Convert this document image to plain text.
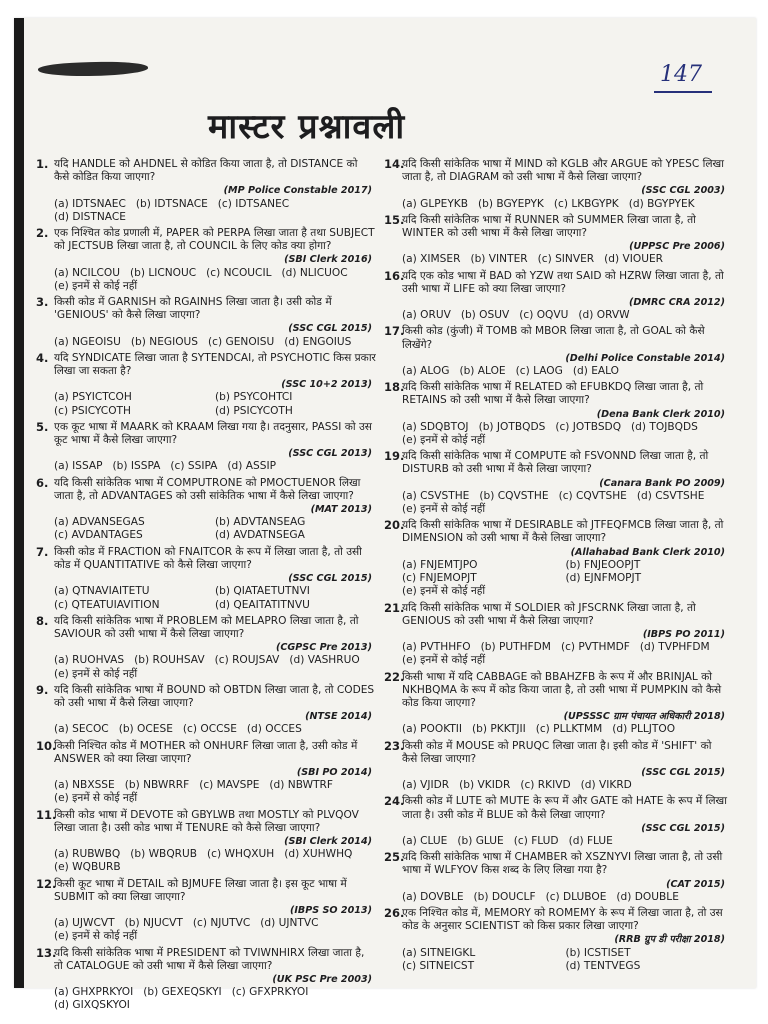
147
मास्टर प्रश्नावली
1. यदि HANDLE को AHDNEL से कोडित किया जाता है, तो DISTANCE को कैसे कोडित किया जाएगा?
(MP Police Constable 2017)
(a) IDTSNAEC (b) IDTSNACE (c) IDTSANEC
(d) DISTNACE
2. एक निश्चित कोड प्रणाली में, PAPER को PERPA लिखा जाता है तथा SUBJECT को JECTSUB लिखा जाता है, तो COUNCIL के लिए कोड क्या होगा?
(SBI Clerk 2016)
(a) NCILCOU (b) LICNOUC (c) NCOUCIL (d) NLICUOC
(e) इनमें से कोई नहीं
3. किसी कोड में GARNISH को RGAINHS लिखा जाता है। उसी कोड में 'GENIOUS' को कैसे लिखा जाएगा?
(SSC CGL 2015)
(a) NGEOISU (b) NEGIOUS (c) GENOISU (d) ENGOIUS
4. यदि SYNDICATE लिखा जाता है SYTENDCAI, तो PSYCHOTIC किस प्रकार लिखा जा सकता है?
(SSC 10+2 2013)
(a) PSYICTCOH	(b) PSYCOHTCI
(c) PSICYCOTH	(d) PSICYCOTH
5. एक कूट भाषा में MAARK को KRAAM लिखा गया है। तदनुसार, PASSI को उस कूट भाषा में कैसे लिखा जाएगा?
(SSC CGL 2013)
(a) ISSAP (b) ISSPA (c) SSIPA (d) ASSIP
6. यदि किसी सांकेतिक भाषा में COMPUTRONE को PMOCTUENOR लिखा जाता है, तो ADVANTAGES को उसी सांकेतिक भाषा में कैसे लिखा जाएगा?
(MAT 2013)
(a) ADVANSEGAS	(b) ADVTANSEAG
(c) AVDANTAGES	(d) AVDATNSEGA
7. किसी कोड में FRACTION को FNAITCOR के रूप में लिखा जाता है, तो उसी कोड में QUANTITATIVE को कैसे लिखा जाएगा?
(SSC CGL 2015)
(a) QTNAVIAITETU	(b) QIATAETUTNVI
(c) QTEATUIAVITION	(d) QEAITATITNVU
8. यदि किसी सांकेतिक भाषा में PROBLEM को MELAPRO लिखा जाता है, तो SAVIOUR को उसी भाषा में कैसे लिखा जाएगा?
(CGPSC Pre 2013)
(a) RUOHVAS (b) ROUHSAV (c) ROUJSAV (d) VASHRUO
(e) इनमें से कोई नहीं
9. यदि किसी सांकेतिक भाषा में BOUND को OBTDN लिखा जाता है, तो CODES को उसी भाषा में कैसे लिखा जाएगा?
(NTSE 2014)
(a) SECOC (b) OCESE (c) OCCSE (d) OCCES
10.
किसी निश्चित कोड में MOTHER को ONHURF लिखा जाता है, उसी कोड में ANSWER को क्या लिखा जाएगा?
(SBI PO 2014)
(a) NBXSSE (b) NBWRRF (c) MAVSPE (d) NBWTRF
(e) इनमें से कोई नहीं
11.
किसी कोड भाषा में DEVOTE को GBYLWB तथा MOSTLY को PLVQOV लिखा जाता है। उसी कोड भाषा में TENURE को कैसे लिखा जाएगा?
(SBI Clerk 2014)
(a) RUBWBQ (b) WBQRUB (c) WHQXUH (d) XUHWHQ
(e) WQBURB
12.
किसी कूट भाषा में DETAIL को BJMUFE लिखा जाता है। इस कूट भाषा में SUBMIT को क्या लिखा जाएगा?
(IBPS SO 2013)
(a) UJWCVT (b) NJUCVT (c) NJUTVC (d) UJNTVC
(e) इनमें से कोई नहीं
13.
यदि किसी सांकेतिक भाषा में PRESIDENT को TVIWNHIRX लिखा जाता है, तो CATALOGUE को उसी भाषा में कैसे लिखा जाएगा?
(UK PSC Pre 2003)
(a) GHXPRKYOI (b) GEXEQSKYI (c) GFXPRKYOI
(d) GIXQSKYOI
14.
यदि किसी सांकेतिक भाषा में MIND को KGLB और ARGUE को YPESC लिखा जाता है, तो DIAGRAM को उसी भाषा में कैसे लिखा जाएगा?
(SSC CGL 2003)
(a) GLPEYKB (b) BGYEPYK (c) LKBGYPK (d) BGYPYEK
15.
यदि किसी सांकेतिक भाषा में RUNNER को SUMMER लिखा जाता है, तो WINTER को उसी भाषा में कैसे लिखा जाएगा?
(UPPSC Pre 2006)
(a) XIMSER (b) VINTER (c) SINVER (d) VIOUER
16.
यदि एक कोड भाषा में BAD को YZW तथा SAID को HZRW लिखा जाता है, तो उसी भाषा में LIFE को क्या लिखा जाएगा?
(DMRC CRA 2012)
(a) ORUV (b) OSUV (c) OQVU (d) ORVW
17.
किसी कोड (कुंजी) में TOMB को MBOR लिखा जाता है, तो GOAL को कैसे लिखेंगे?
(Delhi Police Constable 2014)
(a) ALOG (b) ALOE (c) LAOG (d) EALO
18.
यदि किसी सांकेतिक भाषा में RELATED को EFUBKDQ लिखा जाता है, तो RETAINS को उसी भाषा में कैसे लिखा जाएगा?
(Dena Bank Clerk 2010)
(a) SDQBTOJ (b) JOTBQDS (c) JOTBSDQ (d) TOJBQDS
(e) इनमें से कोई नहीं
19.
यदि किसी सांकेतिक भाषा में COMPUTE को FSVONND लिखा जाता है, तो DISTURB को उसी भाषा में कैसे लिखा जाएगा?
(Canara Bank PO 2009)
(a) CSVSTHE (b) CQVSTHE (c) CQVTSHE (d) CSVTSHE
(e) इनमें से कोई नहीं
20.
यदि किसी सांकेतिक भाषा में DESIRABLE को JTFEQFMCB लिखा जाता है, तो DIMENSION को उसी भाषा में कैसे लिखा जाएगा?
(Allahabad Bank Clerk 2010)
(a) FNJEMTJPO	(b) FNJEOOPJT
(c) FNJEMOPJT	(d) EJNFMOPJT
(e) इनमें से कोई नहीं
21.
यदि किसी सांकेतिक भाषा में SOLDIER को JFSCRNK लिखा जाता है, तो GENIOUS को उसी भाषा में कैसे लिखा जाएगा?
(IBPS PO 2011)
(a) PVTHHFO (b) PUTHFDM (c) PVTHMDF (d) TVPHFDM
(e) इनमें से कोई नहीं
22.
किसी भाषा में यदि CABBAGE को BBAHZFB के रूप में और BRINJAL को NKHBQMA के रूप में कोड किया जाता है, तो उसी भाषा में PUMPKIN को कैसे कोड किया जाएगा?
(UPSSSC ग्राम पंचायत अधिकारी 2018)
(a) POOKTII (b) PKKTJII (c) PLLKTMM (d) PLLJTOO
23.
किसी कोड में MOUSE को PRUQC लिखा जाता है। इसी कोड में 'SHIFT' को कैसे लिखा जाएगा?
(SSC CGL 2015)
(a) VJIDR (b) VKIDR (c) RKIVD (d) VIKRD
24.
किसी कोड में LUTE को MUTE के रूप में और GATE को HATE के रूप में लिखा जाता है। उसी कोड में BLUE को कैसे लिखा जाएगा?
(SSC CGL 2015)
(a) CLUE (b) GLUE (c) FLUD (d) FLUE
25.
यदि किसी सांकेतिक भाषा में CHAMBER को XSZNYVI लिखा जाता है, तो उसी भाषा में WLFYOV किस शब्द के लिए लिखा गया है?
(CAT 2015)
(a) DOVBLE (b) DOUCLF (c) DLUBOE (d) DOUBLE
26.
एक निश्चित कोड में, MEMORY को ROMEMY के रूप में लिखा जाता है, तो उस कोड के अनुसार SCIENTIST को किस प्रकार लिखा जाएगा?
(RRB ग्रुप डी परीक्षा 2018)
(a) SITNEIGKL	(b) ICSTISET
(c) SITNEICST	(d) TENTVEGS
